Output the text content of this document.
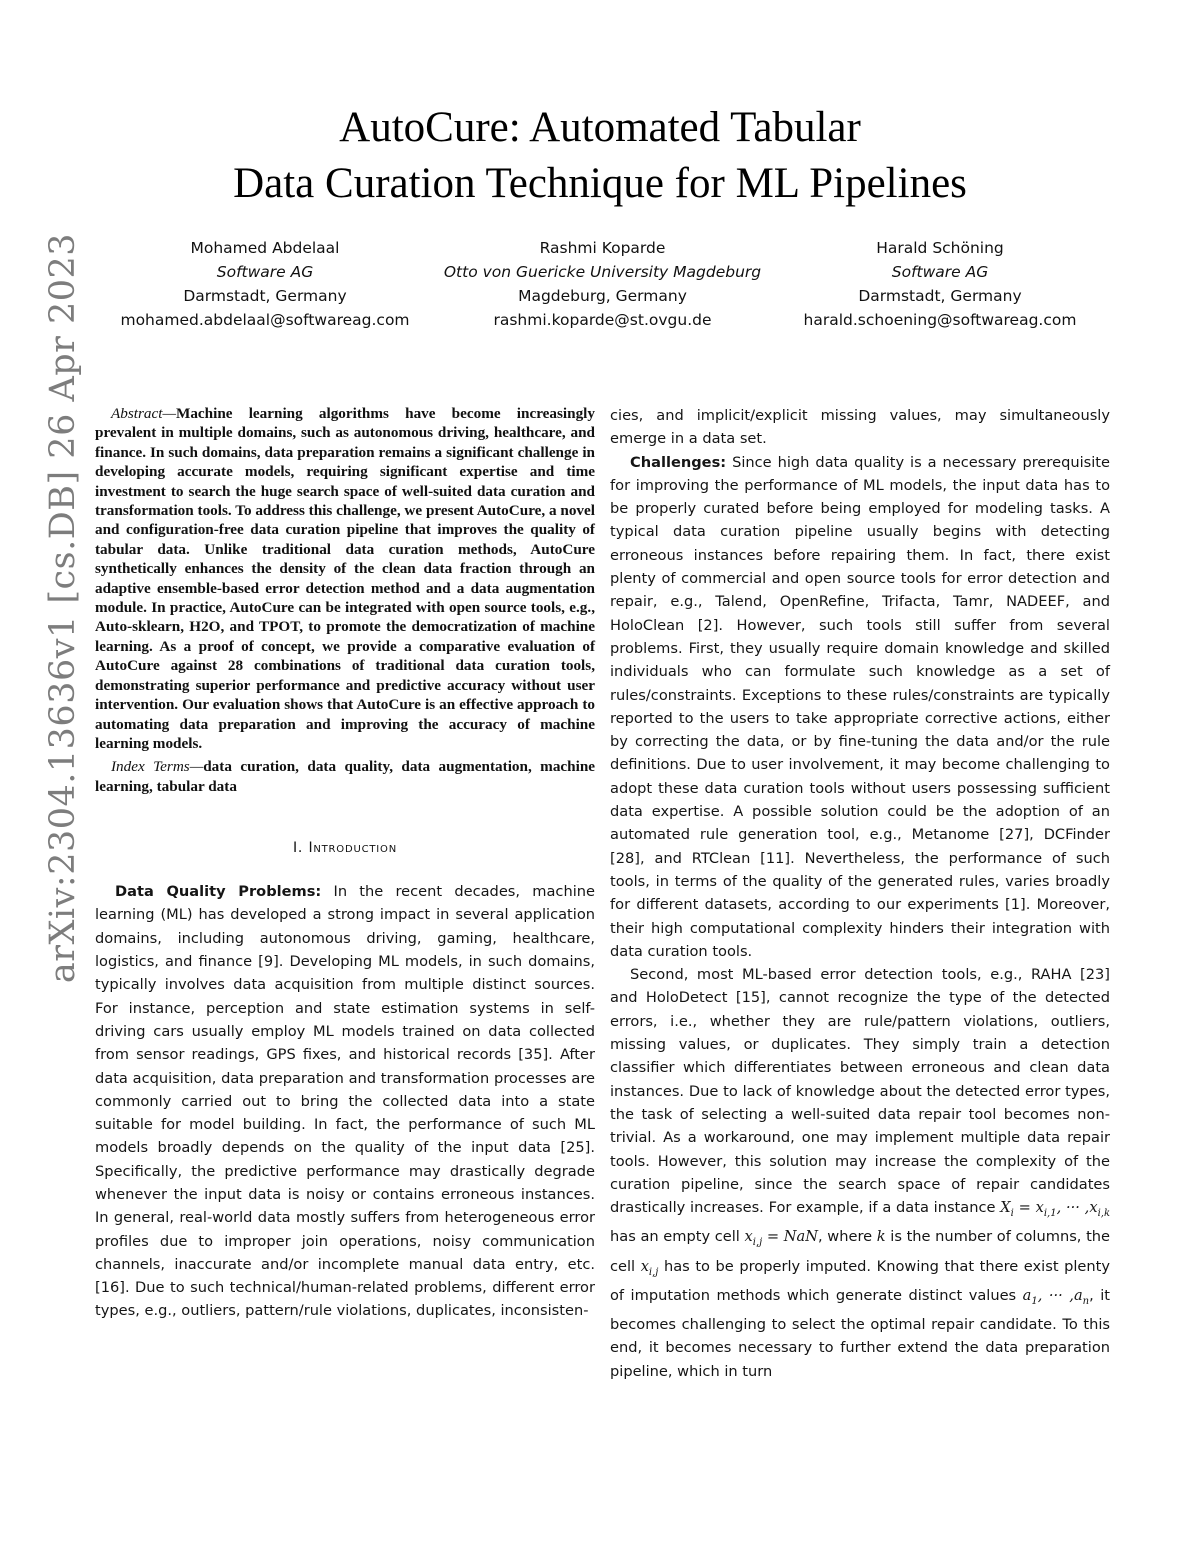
arXiv:2304.13636v1 [cs.DB] 26 Apr 2023
AutoCure: Automated Tabular
Data Curation Technique for ML Pipelines
Mohamed Abdelaal
Software AG
Darmstadt, Germany
mohamed.abdelaal@softwareag.com
Rashmi Koparde
Otto von Guericke University Magdeburg
Magdeburg, Germany
rashmi.koparde@st.ovgu.de
Harald Schöning
Software AG
Darmstadt, Germany
harald.schoening@softwareag.com

Abstract—Machine learning algorithms have become increasingly prevalent in multiple domains, such as autonomous driving, healthcare, and finance. In such domains, data preparation remains a significant challenge in developing accurate models, requiring significant expertise and time investment to search the huge search space of well-suited data curation and transformation tools. To address this challenge, we present AutoCure, a novel and configuration-free data curation pipeline that improves the quality of tabular data. Unlike traditional data curation methods, AutoCure synthetically enhances the density of the clean data fraction through an adaptive ensemble-based error detection method and a data augmentation module. In practice, AutoCure can be integrated with open source tools, e.g., Auto-sklearn, H2O, and TPOT, to promote the democratization of machine learning. As a proof of concept, we provide a comparative evaluation of AutoCure against 28 combinations of traditional data curation tools, demonstrating superior performance and predictive accuracy without user intervention. Our evaluation shows that AutoCure is an effective approach to automating data preparation and improving the accuracy of machine learning models.

Index Terms—data curation, data quality, data augmentation, machine learning, tabular data

I. Introduction

Data Quality Problems: In the recent decades, machine learning (ML) has developed a strong impact in several application domains, including autonomous driving, gaming, healthcare, logistics, and finance [9]. Developing ML models, in such domains, typically involves data acquisition from multiple distinct sources. For instance, perception and state estimation systems in self-driving cars usually employ ML models trained on data collected from sensor readings, GPS fixes, and historical records [35]. After data acquisition, data preparation and transformation processes are commonly carried out to bring the collected data into a state suitable for model building. In fact, the performance of such ML models broadly depends on the quality of the input data [25]. Specifically, the predictive performance may drastically degrade whenever the input data is noisy or contains erroneous instances. In general, real-world data mostly suffers from heterogeneous error profiles due to improper join operations, noisy communication channels, inaccurate and/or incomplete manual data entry, etc. [16]. Due to such technical/human-related problems, different error types, e.g., outliers, pattern/rule violations, duplicates, inconsisten-

cies, and implicit/explicit missing values, may simultaneously emerge in a data set.

Challenges: Since high data quality is a necessary prerequisite for improving the performance of ML models, the input data has to be properly curated before being employed for modeling tasks. A typical data curation pipeline usually begins with detecting erroneous instances before repairing them. In fact, there exist plenty of commercial and open source tools for error detection and repair, e.g., Talend, OpenRefine, Trifacta, Tamr, NADEEF, and HoloClean [2]. However, such tools still suffer from several problems. First, they usually require domain knowledge and skilled individuals who can formulate such knowledge as a set of rules/constraints. Exceptions to these rules/constraints are typically reported to the users to take appropriate corrective actions, either by correcting the data, or by fine-tuning the data and/or the rule definitions. Due to user involvement, it may become challenging to adopt these data curation tools without users possessing sufficient data expertise. A possible solution could be the adoption of an automated rule generation tool, e.g., Metanome [27], DCFinder [28], and RTClean [11]. Nevertheless, the performance of such tools, in terms of the quality of the generated rules, varies broadly for different datasets, according to our experiments [1]. Moreover, their high computational complexity hinders their integration with data curation tools.

Second, most ML-based error detection tools, e.g., RAHA [23] and HoloDetect [15], cannot recognize the type of the detected errors, i.e., whether they are rule/pattern violations, outliers, missing values, or duplicates. They simply train a detection classifier which differentiates between erroneous and clean data instances. Due to lack of knowledge about the detected error types, the task of selecting a well-suited data repair tool becomes non-trivial. As a workaround, one may implement multiple data repair tools. However, this solution may increase the complexity of the curation pipeline, since the search space of repair candidates drastically increases. For example, if a data instance $X_i = x_{i,1}$, ··· $,x_{i,k}$ has an empty cell $x_{i,j}$ = NaN, where k is the number of columns, the cell $x_{i,j}$ has to be properly imputed. Knowing that there exist plenty of imputation methods which generate distinct values $a_1$, ··· $,a_n$, it becomes challenging to select the optimal repair candidate. To this end, it becomes necessary to further extend the data preparation pipeline, which in turn
